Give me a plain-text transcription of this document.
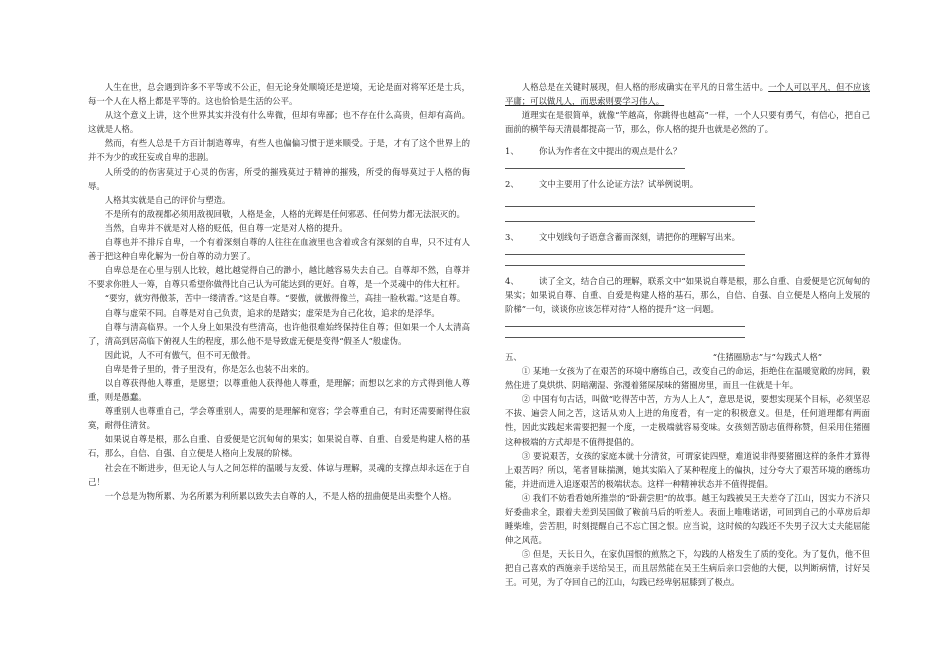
人生在世，总会遇到许多不平等或不公正，但无论身处顺境还是逆境，无论是面对将军还是士兵，每一个人在人格上都是平等的。这也恰恰是生活的公平。

从这个意义上讲，这个世界其实并没有什么卑微，但却有卑鄙；也不存在什么高贵，但却有高尚。这就是人格。

然而，有些人总是千方百计制造尊卑，有些人也偏偏习惯于逆来顺受。于是，才有了这个世界上的并不为少的或狂妄或自卑的悲剧。

人所受的的伤害莫过于心灵的伤害，所受的摧残莫过于精神的摧残，所受的侮辱莫过于人格的侮辱。

人格其实就是自己的评价与塑造。

不是所有的敌视都必须用敌视回敬，人格是金，人格的光辉是任何邪恶、任何势力都无法泯灭的。

当然，自卑并不就是对人格的贬低，但自尊一定是对人格的提升。

自尊也并不排斥自卑，一个有着深刻自尊的人往往在血液里也含着或含有深刻的自卑，只不过有人善于把这种自卑化解为一份自尊的动力罢了。

自卑总是在心里与别人比较，越比越觉得自己的渺小，越比越容易失去自己。自尊却不然，自尊并不要求你胜人一筹，自尊只希望你做得比自己认为可能达到的更好。自尊，是一个灵魂中的伟大杠杆。

“要穷，就穷得傲茶，苦中一缕清香。”这是自尊。“要傲，就傲得像兰，高挂一脸秋霜。”这是自尊。

自尊与虚荣不同。自尊是对自己负责，追求的是踏实；虚荣是为自己化妆，追求的是浮华。

自尊与清高临界。一个人身上如果没有些清高，也许他很难始终保持住自尊；但如果一个人太清高了，清高到居高临下俯视人生的程度，那么他不是导致虚无便是变得“假圣人”般虚伪。

因此说，人不可有傲气，但不可无傲骨。

自卑是骨子里的，骨子里没有，你是怎么也装不出来的。

以自尊获得他人尊重，是愿望；以尊重他人获得他人尊重，是理解；而想以乞求的方式得到他人尊重，则是愚蠢。

尊重别人也尊重自己，学会尊重别人，需要的是理解和宽容；学会尊重自己，有时还需要耐得住寂寞，耐得住清贫。

如果说自尊是根，那么自重、自爱便是它沉甸甸的果实；如果说自尊、自重、自爱是构建人格的基石，那么，自信、自强、自立便是人格向上发展的阶梯。

社会在不断进步，但无论人与人之间怎样的温暖与友爱、体谅与理解，灵魂的支撑点却永远在于自己！

一个总是为物所累、为名所累为利所累以致失去自尊的人，不是人格的扭曲便是出卖整个人格。

人格总是在关键时展现，但人格的形成确实在平凡的日常生活中。一个人可以平凡，但不应该平庸；可以做凡人，而思索则要学习伟人。

道理实在是很简单，就像“竿越高，你跳得也越高”一样，一个人只要有勇气，有信心，把自己面前的横竿每天清晨都提高一节，那么，你人格的提升也就是必然的了。

1、 你认为作者在文中提出的观点是什么？

2、 文中主要用了什么论证方法？试举例说明。

3、 文中划线句子语意含蓄而深刻，请把你的理解写出来。

4、 读了全文，结合自己的理解，联系文中“如果说自尊是根，那么自重、自爱便是它沉甸甸的果实；如果说自尊、自重、自爱是构建人格的基石，那么，自信、自强、自立便是人格向上发展的阶梯”一句，谈谈你应该怎样对待“人格的提升”这一问题。

五、	“住猪圈励志”与“勾践式人格”

① 某地一女孩为了在艰苦的环境中磨练自己，改变自己的命运，拒绝住在温暖宽敞的房间，毅然住进了臭烘烘、阴暗潮湿、弥漫着猪屎尿味的猪圈房里，而且一住就是十年。

② 中国有句古话，叫做“吃得苦中苦，方为人上人”，意思是说，要想实现某个目标，必须坚忍不拔、遍尝人间之苦，这话从劝人上进的角度看，有一定的积极意义。但是，任何道理都有两面性，因此实践起来需要把握一个度，一走极端就容易变味。女孩刻苦励志值得称赞，但采用住猪圈这种极端的方式却是不值得提倡的。

③ 要说艰苦，女孩的家庭本就十分清贫，可谓家徒四壁，难道说非得要猪圈这样的条件才算得上艰苦吗？所以，笔者冒昧揣测，她其实陷入了某种程度上的偏执，过分夸大了艰苦环境的磨练功能，并进而进入追逐艰苦的极端状态。这样一种精神状态并不值得提倡。

④ 我们不妨看看她所推崇的“卧薪尝胆”的故事。越王勾践被吴王夫差夺了江山，因实力不济只好委曲求全，跟着夫差到吴国做了鞍前马后的听差人。表面上唯唯诺诺，可回到自己的小草房后却睡柴堆，尝苦胆，时刻提醒自己不忘亡国之恨。应当说，这时候的勾践还不失男子汉大丈夫能屈能伸之风范。

⑤ 但是，天长日久，在家仇国恨的煎熬之下，勾践的人格发生了质的变化。为了复仇，他不但把自己喜欢的西施亲手送给吴王，而且居然能在吴王生病后亲口尝他的大便，以判断病情，讨好吴王。可见，为了夺回自己的江山，勾践已经卑躬屈膝到了极点。
